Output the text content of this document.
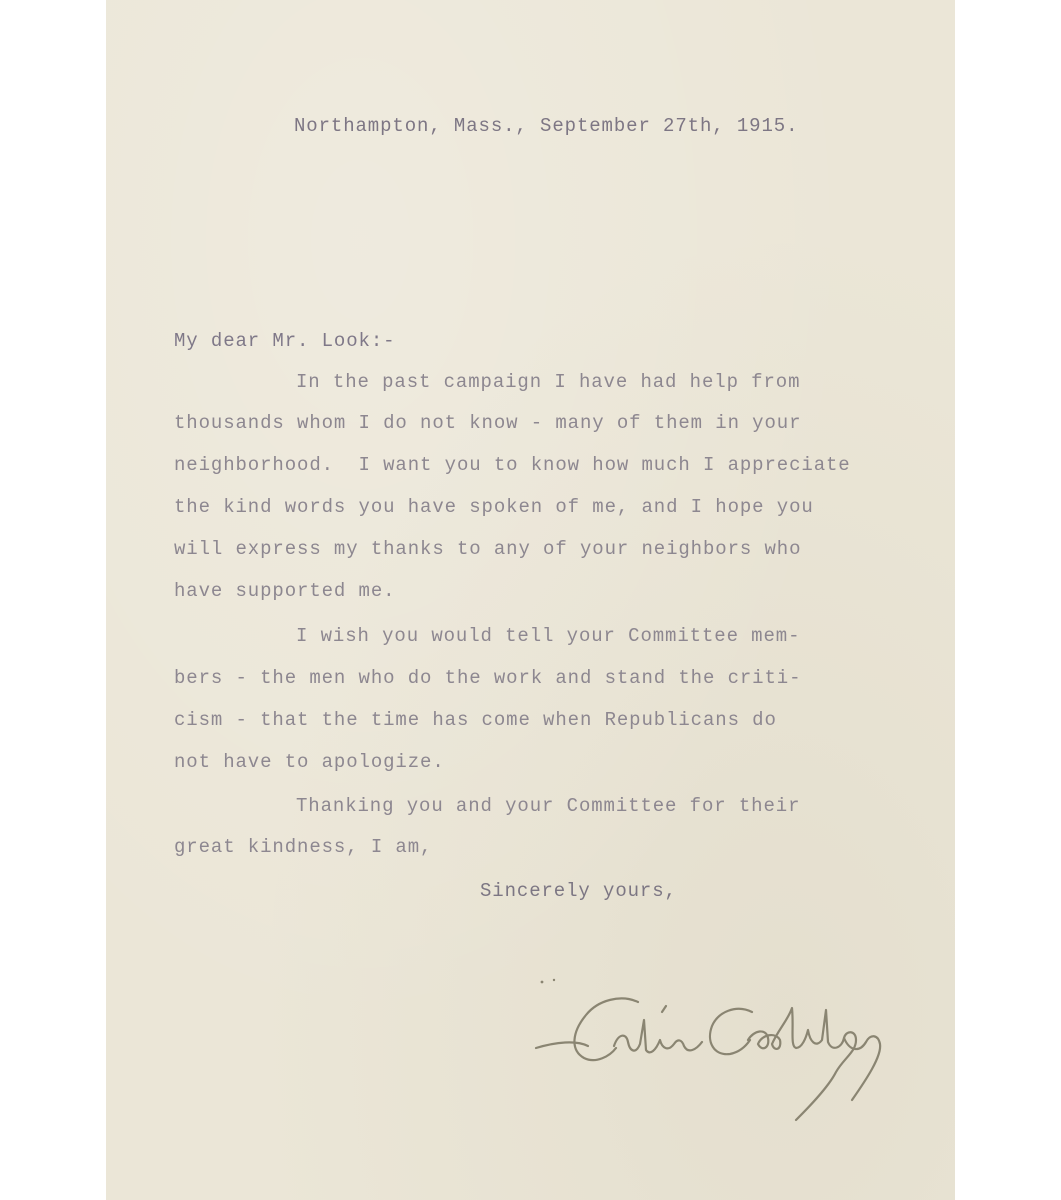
Northampton, Mass., September 27th, 1915.

My dear Mr. Look:-

In the past campaign I have had help from

thousands whom I do not know - many of them in your

neighborhood.  I want you to know how much I appreciate

the kind words you have spoken of me, and I hope you

will express my thanks to any of your neighbors who

have supported me.

I wish you would tell your Committee mem-

bers - the men who do the work and stand the criti-

cism - that the time has come when Republicans do

not have to apologize.

Thanking you and your Committee for their

great kindness, I am,

Sincerely yours,
